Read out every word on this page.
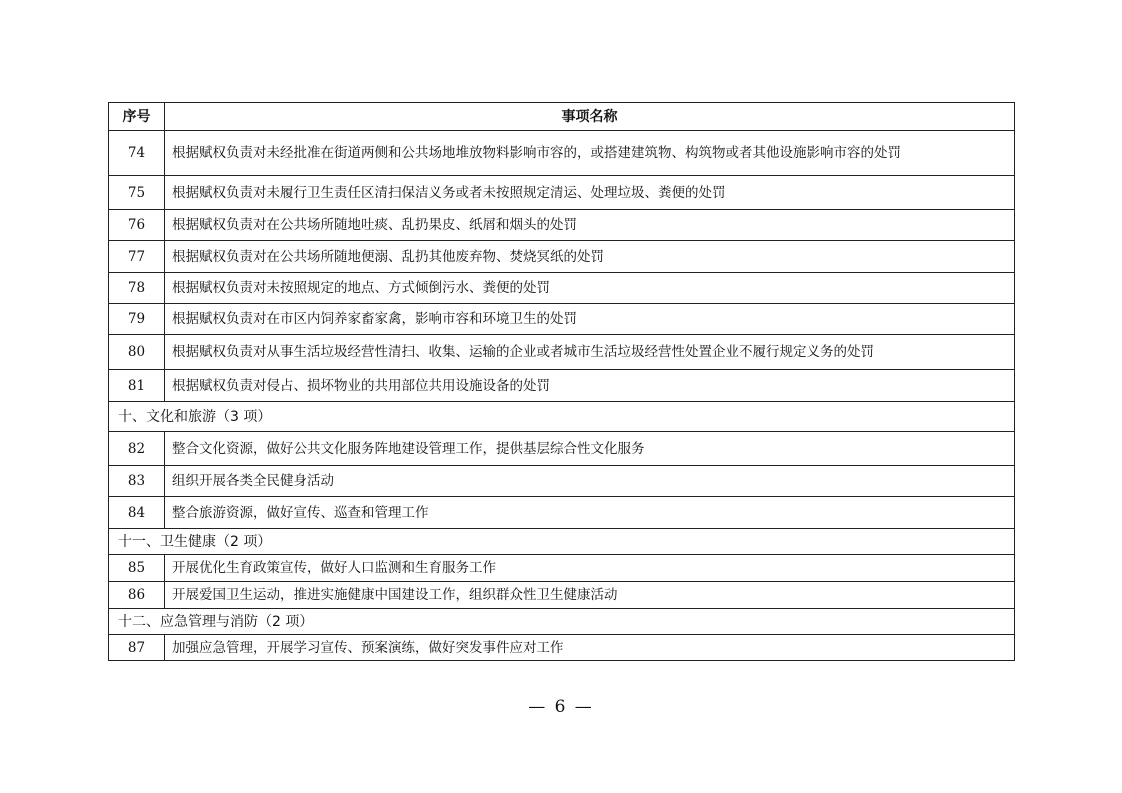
序号	事项名称
74	根据赋权负责对未经批准在街道两侧和公共场地堆放物料影响市容的，或搭建建筑物、构筑物或者其他设施影响市容的处罚
75	根据赋权负责对未履行卫生责任区清扫保洁义务或者未按照规定清运、处理垃圾、粪便的处罚
76	根据赋权负责对在公共场所随地吐痰、乱扔果皮、纸屑和烟头的处罚
77	根据赋权负责对在公共场所随地便溺、乱扔其他废弃物、焚烧冥纸的处罚
78	根据赋权负责对未按照规定的地点、方式倾倒污水、粪便的处罚
79	根据赋权负责对在市区内饲养家畜家禽，影响市容和环境卫生的处罚
80	根据赋权负责对从事生活垃圾经营性清扫、收集、运输的企业或者城市生活垃圾经营性处置企业不履行规定义务的处罚
81	根据赋权负责对侵占、损坏物业的共用部位共用设施设备的处罚
十、文化和旅游（3 项）	
82	整合文化资源，做好公共文化服务阵地建设管理工作，提供基层综合性文化服务
83	组织开展各类全民健身活动
84	整合旅游资源，做好宣传、巡查和管理工作
十一、卫生健康（2 项）	
85	开展优化生育政策宣传，做好人口监测和生育服务工作
86	开展爱国卫生运动，推进实施健康中国建设工作，组织群众性卫生健康活动
十二、应急管理与消防（2 项）	
87	加强应急管理，开展学习宣传、预案演练，做好突发事件应对工作
— 6 —
